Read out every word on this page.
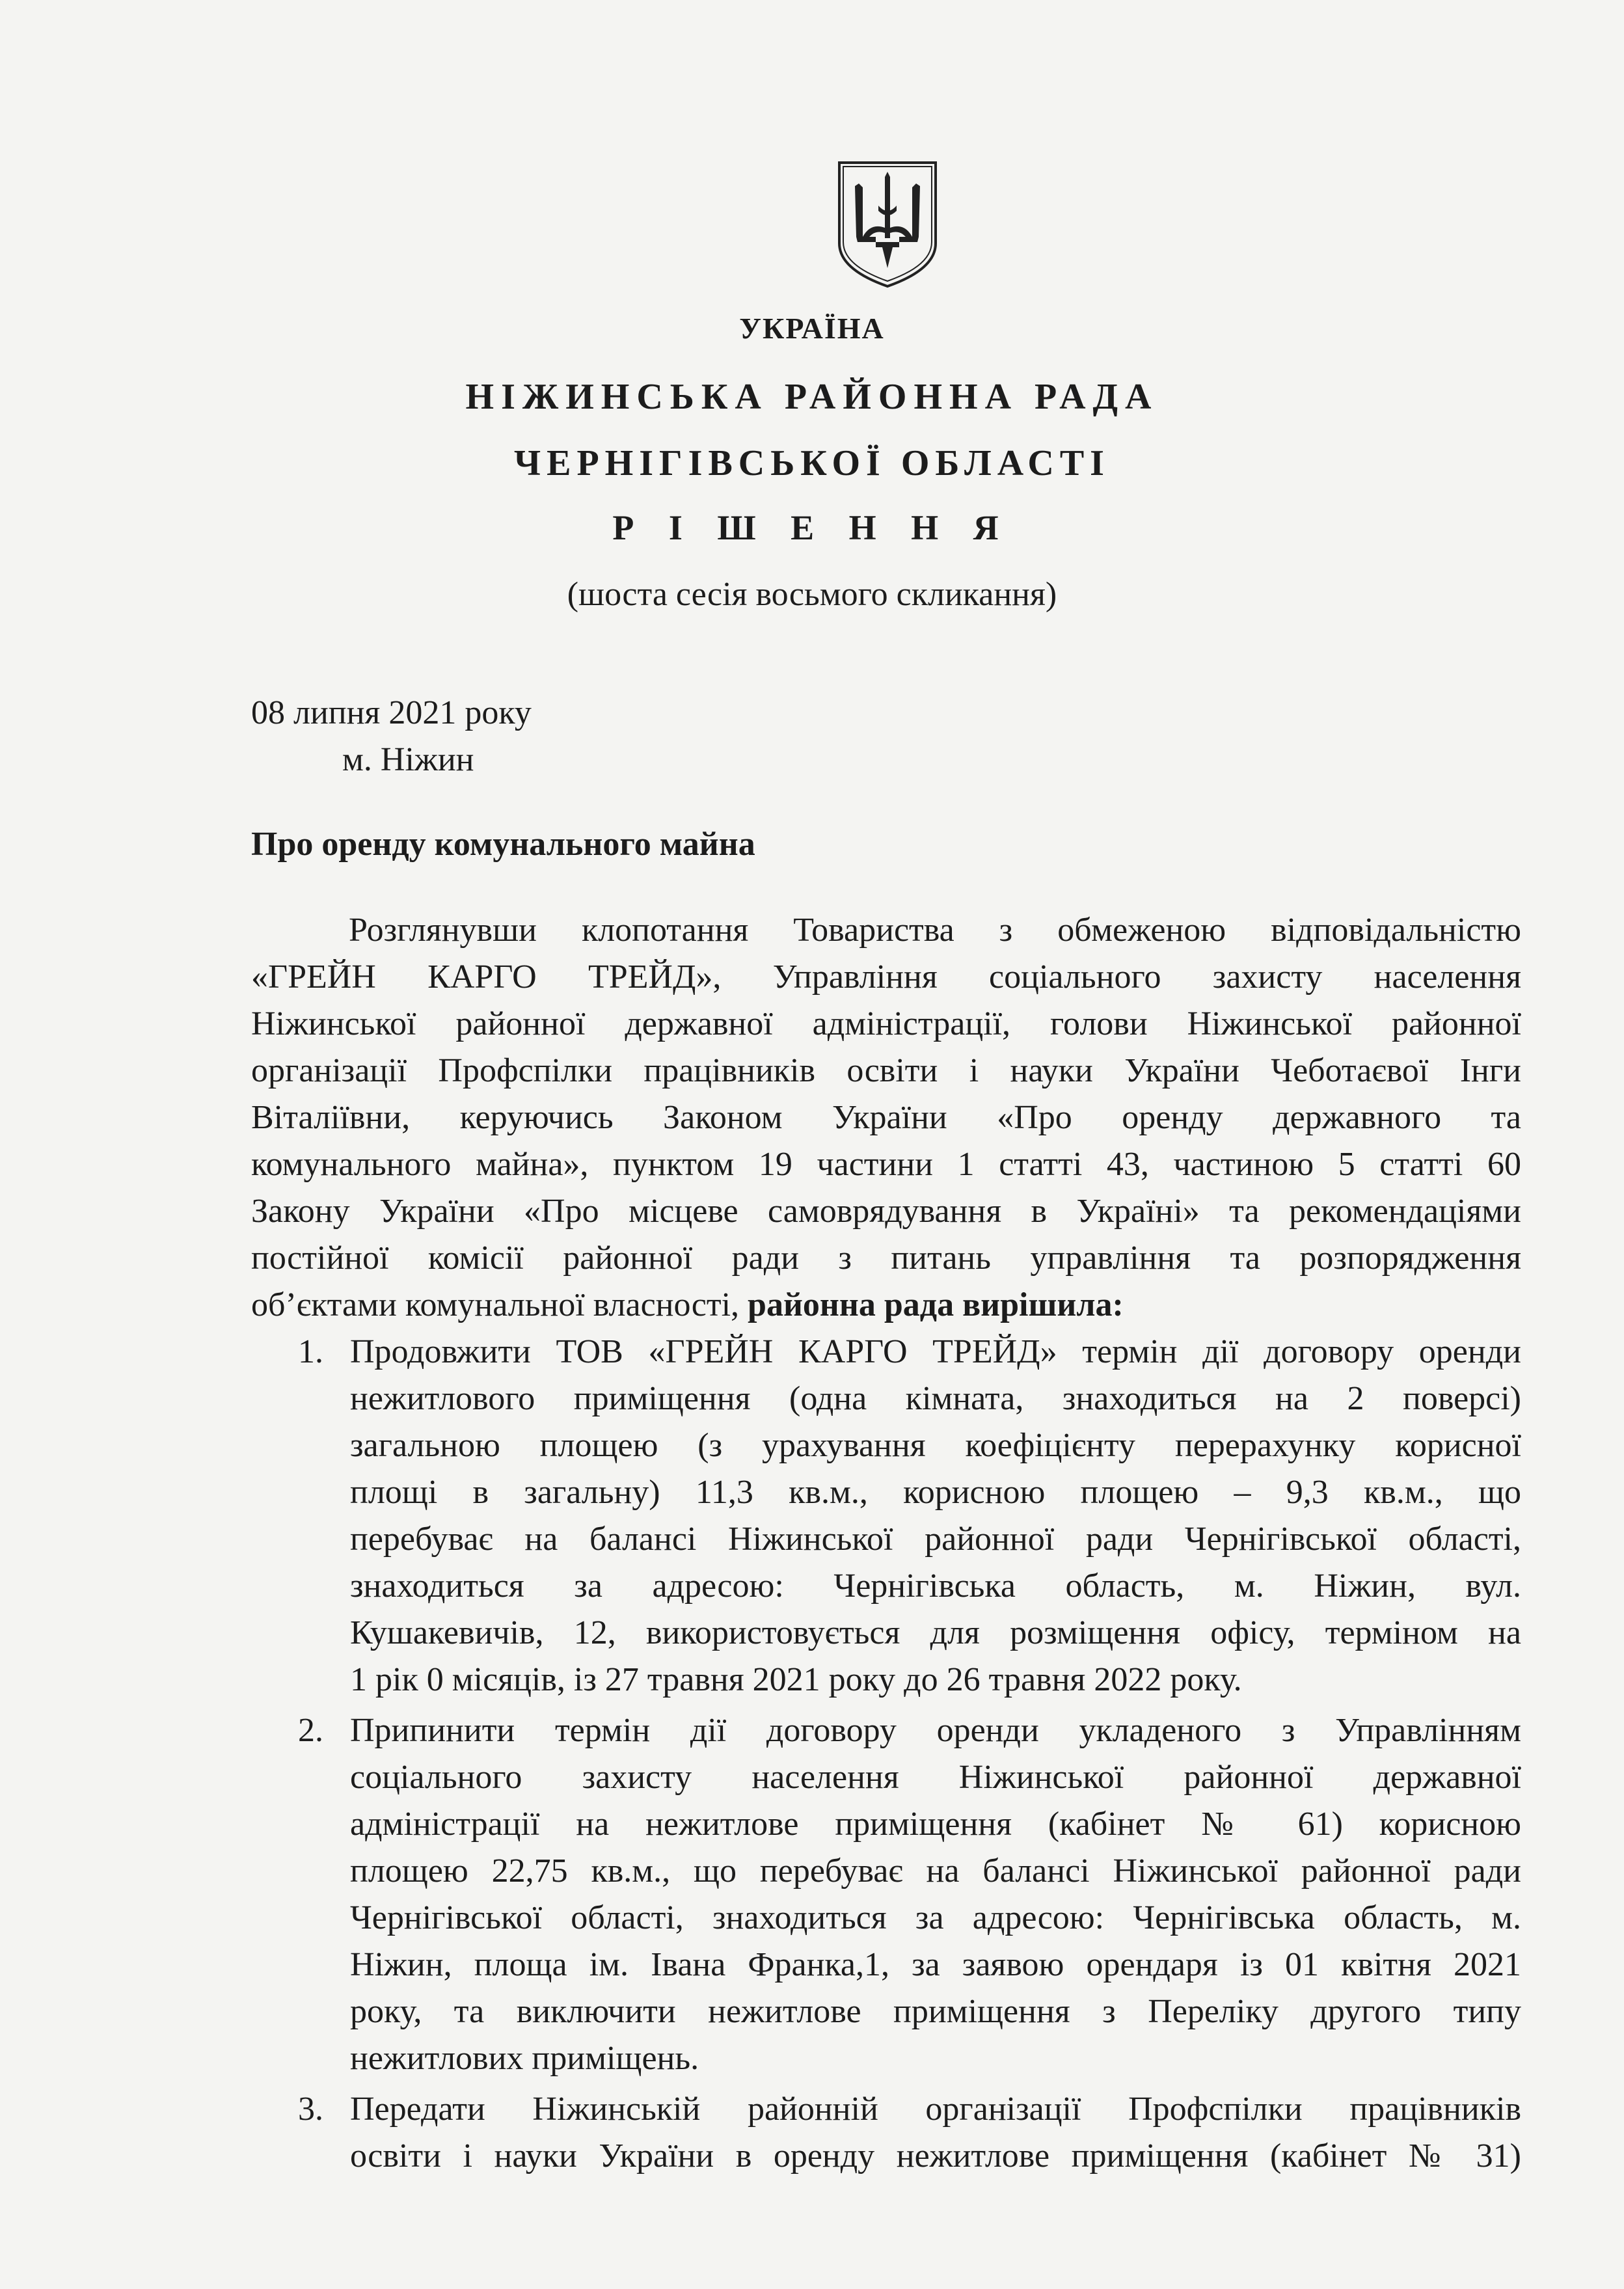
УКРАЇНА
НІЖИНСЬКА РАЙОННА РАДА
ЧЕРНІГІВСЬКОЇ ОБЛАСТІ
Р І Ш Е Н Н Я
(шоста сесія восьмого скликання)
08 липня 2021 року
м. Ніжин
Про оренду комунального майна
Розглянувши клопотання Товариства з обмеженою відповідальністю
«ГРЕЙН КАРГО ТРЕЙД», Управління соціального захисту населення
Ніжинської районної державної адміністрації, голови Ніжинської районної
організації Профспілки працівників освіти і науки України Чеботаєвої Інги
Віталіївни, керуючись Законом України «Про оренду державного та
комунального майна», пунктом 19 частини 1 статті 43, частиною 5 статті 60
Закону України «Про місцеве самоврядування в Україні» та рекомендаціями
постійної комісії районної ради з питань управління та розпорядження
об’єктами комунальної власності, районна рада вирішила:
1. Продовжити ТОВ «ГРЕЙН КАРГО ТРЕЙД» термін дії договору оренди
нежитлового приміщення (одна кімната, знаходиться на 2 поверсі)
загальною площею (з урахування коефіцієнту перерахунку корисної
площі в загальну) 11,3 кв.м., корисною площею – 9,3 кв.м., що
перебуває на балансі Ніжинської районної ради Чернігівської області,
знаходиться за адресою: Чернігівська область, м. Ніжин, вул.
Кушакевичів, 12, використовується для розміщення офісу, терміном на
1 рік 0 місяців, із 27 травня 2021 року до 26 травня 2022 року.
2. Припинити термін дії договору оренди укладеного з Управлінням
соціального захисту населення Ніжинської районної державної
адміністрації на нежитлове приміщення (кабінет № 61) корисною
площею 22,75 кв.м., що перебуває на балансі Ніжинської районної ради
Чернігівської області, знаходиться за адресою: Чернігівська область, м.
Ніжин, площа ім. Івана Франка,1, за заявою орендаря із 01 квітня 2021
року, та виключити нежитлове приміщення з Переліку другого типу
нежитлових приміщень.
3. Передати Ніжинській районній організації Профспілки працівників
освіти і науки України в оренду нежитлове приміщення (кабінет № 31)
